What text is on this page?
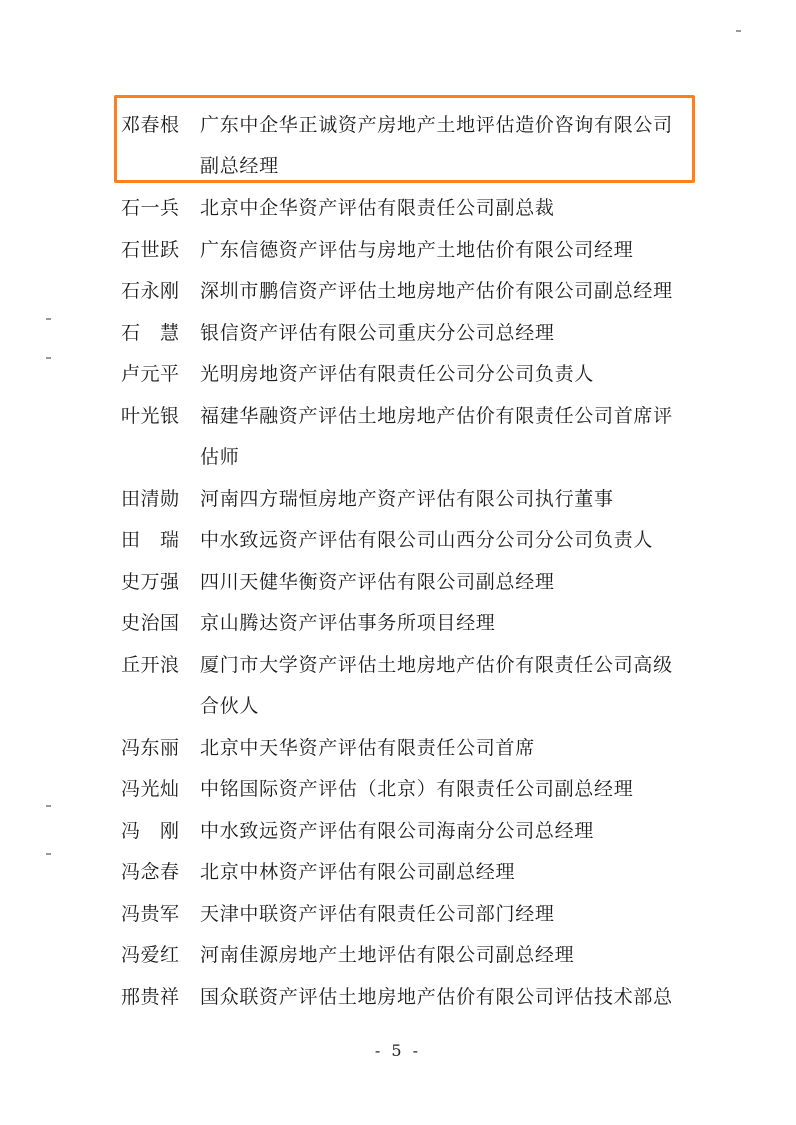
邓春根	广东中企华正诚资产房地产土地评估造价咨询有限公司
副总经理
石一兵	北京中企华资产评估有限责任公司副总裁
石世跃	广东信德资产评估与房地产土地估价有限公司经理
石永刚	深圳市鹏信资产评估土地房地产估价有限公司副总经理
石　慧	银信资产评估有限公司重庆分公司总经理
卢元平	光明房地资产评估有限责任公司分公司负责人
叶光银	福建华融资产评估土地房地产估价有限责任公司首席评
估师
田清勋	河南四方瑞恒房地产资产评估有限公司执行董事
田　瑞	中水致远资产评估有限公司山西分公司分公司负责人
史万强	四川天健华衡资产评估有限公司副总经理
史治国	京山腾达资产评估事务所项目经理
丘开浪	厦门市大学资产评估土地房地产估价有限责任公司高级
合伙人
冯东丽	北京中天华资产评估有限责任公司首席
冯光灿	中铭国际资产评估（北京）有限责任公司副总经理
冯　刚	中水致远资产评估有限公司海南分公司总经理
冯念春	北京中林资产评估有限公司副总经理
冯贵军	天津中联资产评估有限责任公司部门经理
冯爱红	河南佳源房地产土地评估有限公司副总经理
邢贵祥	国众联资产评估土地房地产估价有限公司评估技术部总
- 5 -
